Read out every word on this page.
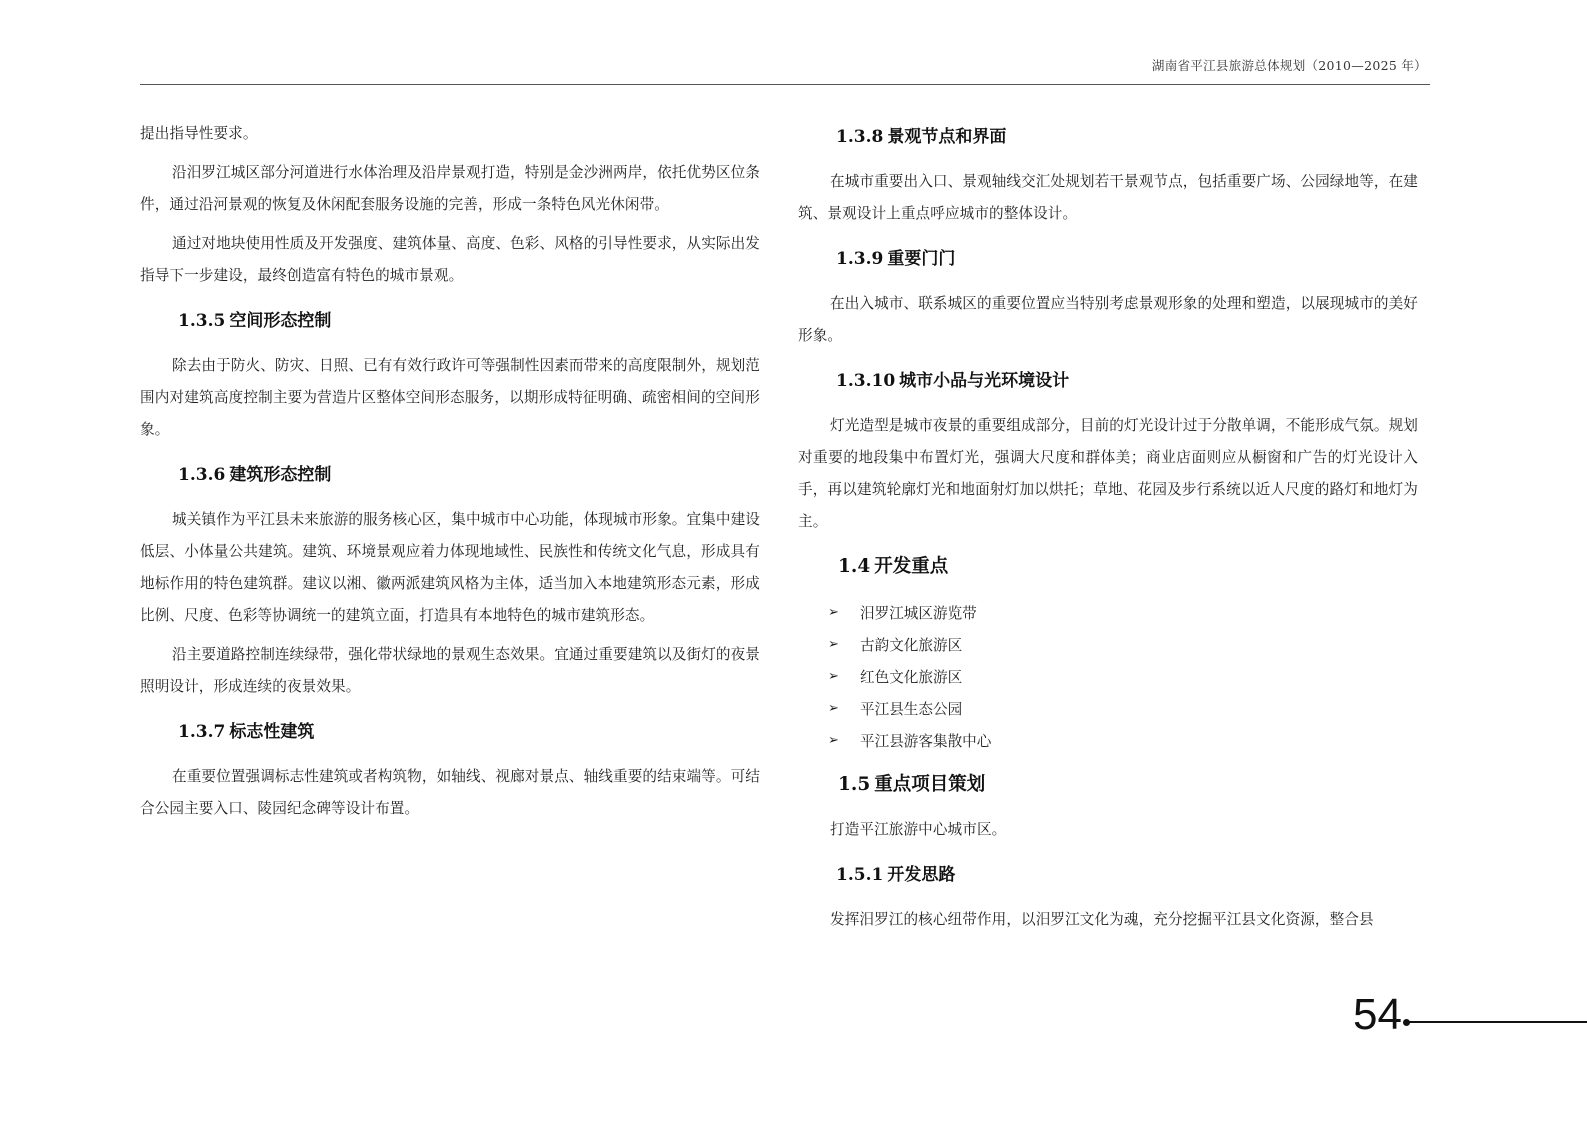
湖南省平江县旅游总体规划（2010—2025 年）

提出指导性要求。

沿汨罗江城区部分河道进行水体治理及沿岸景观打造，特别是金沙洲两岸，依托优势区位条件，通过沿河景观的恢复及休闲配套服务设施的完善，形成一条特色风光休闲带。

通过对地块使用性质及开发强度、建筑体量、高度、色彩、风格的引导性要求，从实际出发指导下一步建设，最终创造富有特色的城市景观。

1.3.5 空间形态控制

除去由于防火、防灾、日照、已有有效行政许可等强制性因素而带来的高度限制外，规划范围内对建筑高度控制主要为营造片区整体空间形态服务，以期形成特征明确、疏密相间的空间形象。

1.3.6 建筑形态控制

城关镇作为平江县未来旅游的服务核心区，集中城市中心功能，体现城市形象。宜集中建设低层、小体量公共建筑。建筑、环境景观应着力体现地域性、民族性和传统文化气息，形成具有地标作用的特色建筑群。建议以湘、徽两派建筑风格为主体，适当加入本地建筑形态元素，形成比例、尺度、色彩等协调统一的建筑立面，打造具有本地特色的城市建筑形态。

沿主要道路控制连续绿带，强化带状绿地的景观生态效果。宜通过重要建筑以及街灯的夜景照明设计，形成连续的夜景效果。

1.3.7 标志性建筑

在重要位置强调标志性建筑或者构筑物，如轴线、视廊对景点、轴线重要的结束端等。可结合公园主要入口、陵园纪念碑等设计布置。

1.3.8 景观节点和界面

在城市重要出入口、景观轴线交汇处规划若干景观节点，包括重要广场、公园绿地等，在建筑、景观设计上重点呼应城市的整体设计。

1.3.9 重要门门

在出入城市、联系城区的重要位置应当特别考虑景观形象的处理和塑造，以展现城市的美好形象。

1.3.10 城市小品与光环境设计

灯光造型是城市夜景的重要组成部分，目前的灯光设计过于分散单调，不能形成气氛。规划对重要的地段集中布置灯光，强调大尺度和群体美；商业店面则应从橱窗和广告的灯光设计入手，再以建筑轮廓灯光和地面射灯加以烘托；草地、花园及步行系统以近人尺度的路灯和地灯为主。

1.4 开发重点
➢	汨罗江城区游览带
➢	古韵文化旅游区
➢	红色文化旅游区
➢	平江县生态公园
➢	平江县游客集散中心
1.5 重点项目策划

打造平江旅游中心城市区。

1.5.1 开发思路

发挥汨罗江的核心纽带作用，以汨罗江文化为魂，充分挖掘平江县文化资源，整合县

54
